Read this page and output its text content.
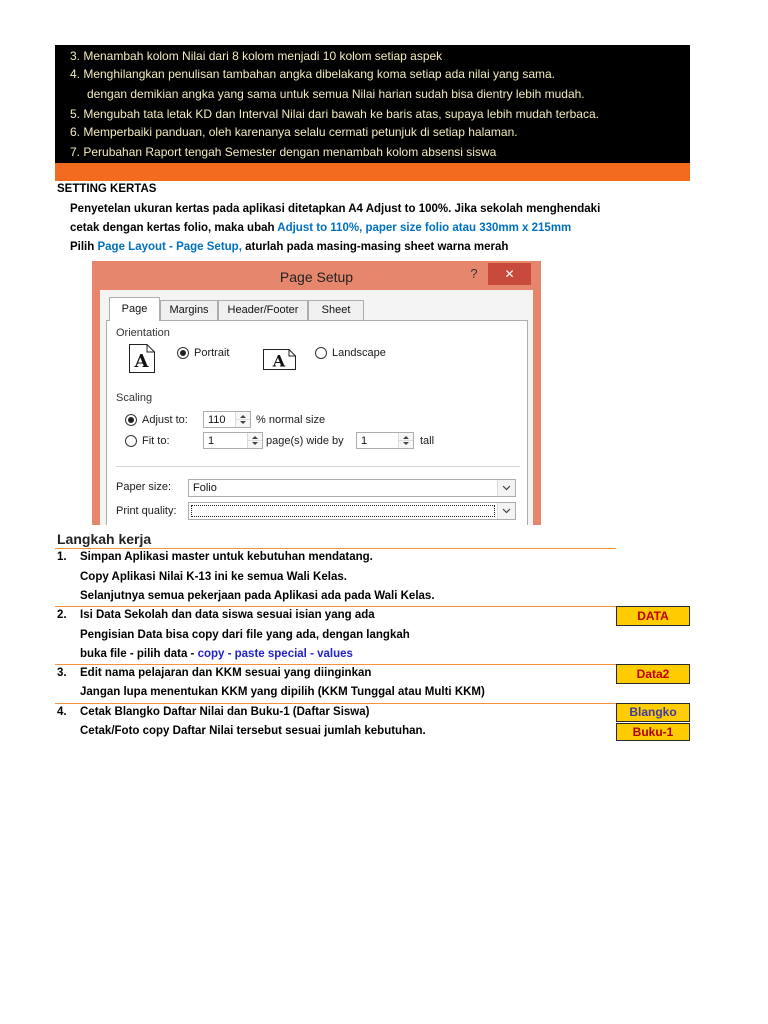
3. Menambah kolom Nilai dari 8 kolom menjadi 10 kolom setiap aspek
4. Menghilangkan penulisan tambahan angka dibelakang koma setiap ada nilai yang sama.
dengan demikian angka yang sama untuk semua Nilai harian sudah bisa dientry lebih mudah.
5. Mengubah tata letak KD dan Interval Nilai dari bawah ke baris atas, supaya lebih mudah terbaca.
6. Memperbaiki panduan, oleh karenanya selalu cermati petunjuk di setiap halaman.
7. Perubahan Raport tengah Semester dengan menambah kolom absensi siswa
SETTING KERTAS
Penyetelan ukuran kertas pada aplikasi ditetapkan A4 Adjust to 100%. Jika sekolah menghendaki
cetak dengan kertas folio, maka ubah Adjust to 110%, paper size folio atau 330mm x 215mm
Pilih Page Layout - Page Setup, aturlah pada masing-masing sheet warna merah
Page Setup	?	✕
Page	Margins	Header/Footer	Sheet
Orientation
A	Portrait	A	Landscape
Scaling
Adjust to:
110	% normal size
Fit to:
1	page(s) wide by
1	tall
Paper size: Folio
Print quality:
Langkah kerja
1. Simpan Aplikasi master untuk kebutuhan mendatang.
Copy Aplikasi Nilai K-13 ini ke semua Wali Kelas.
Selanjutnya semua pekerjaan pada Aplikasi ada pada Wali Kelas.
2. Isi Data Sekolah dan data siswa sesuai isian yang ada
Pengisian Data bisa copy dari file yang ada, dengan langkah
buka file - pilih data - copy - paste special - values
DATA
3. Edit nama pelajaran dan KKM sesuai yang diinginkan
Jangan lupa menentukan KKM yang dipilih (KKM Tunggal atau Multi KKM)
Data2
4. Cetak Blangko Daftar Nilai dan Buku-1 (Daftar Siswa)
Cetak/Foto copy Daftar Nilai tersebut sesuai jumlah kebutuhan.
Blangko
Buku-1
